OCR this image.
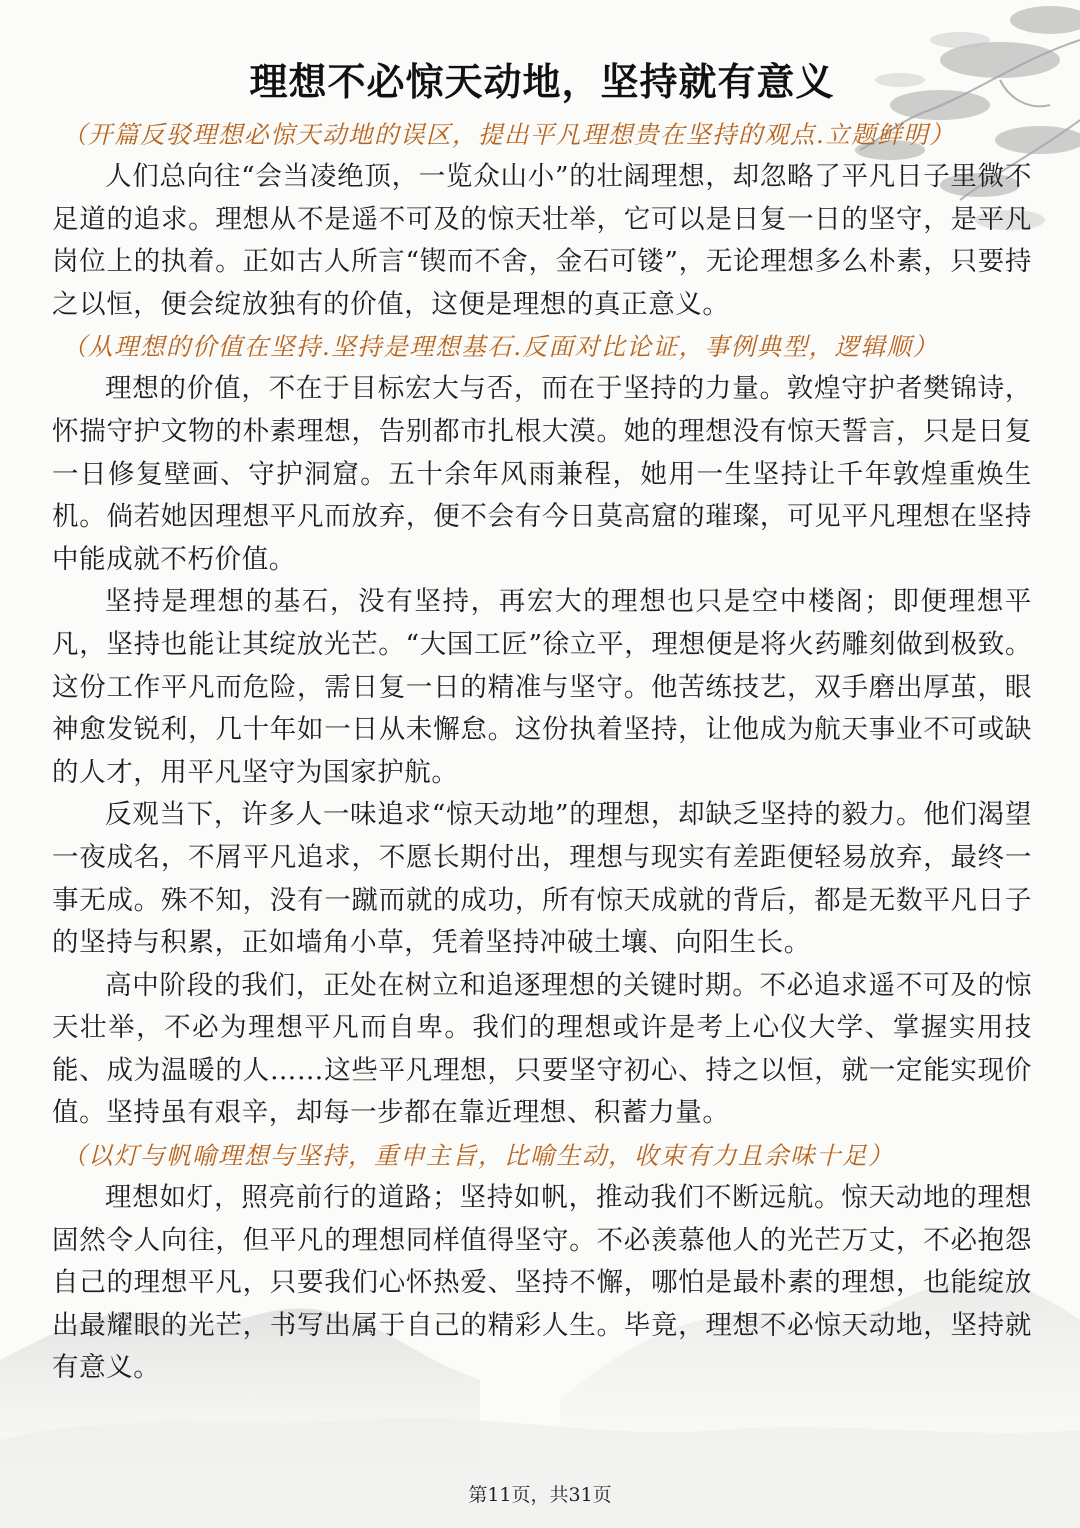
理想不必惊天动地，坚持就有意义

（开篇反驳理想必惊天动地的误区，提出平凡理想贵在坚持的观点.立题鲜明）

人们总向往“会当凌绝顶，一览众山小”的壮阔理想，却忽略了平凡日子里微不足道的追求。理想从不是遥不可及的惊天壮举，它可以是日复一日的坚守，是平凡岗位上的执着。正如古人所言“锲而不舍，金石可镂”，无论理想多么朴素，只要持之以恒，便会绽放独有的价值，这便是理想的真正意义。

（从理想的价值在坚持.坚持是理想基石.反面对比论证，事例典型，逻辑顺）

理想的价值，不在于目标宏大与否，而在于坚持的力量。敦煌守护者樊锦诗，怀揣守护文物的朴素理想，告别都市扎根大漠。她的理想没有惊天誓言，只是日复一日修复壁画、守护洞窟。五十余年风雨兼程，她用一生坚持让千年敦煌重焕生机。倘若她因理想平凡而放弃，便不会有今日莫高窟的璀璨，可见平凡理想在坚持中能成就不朽价值。

坚持是理想的基石，没有坚持，再宏大的理想也只是空中楼阁；即便理想平凡，坚持也能让其绽放光芒。“大国工匠”徐立平，理想便是将火药雕刻做到极致。这份工作平凡而危险，需日复一日的精准与坚守。他苦练技艺，双手磨出厚茧，眼神愈发锐利，几十年如一日从未懈怠。这份执着坚持，让他成为航天事业不可或缺的人才，用平凡坚守为国家护航。

反观当下，许多人一味追求“惊天动地”的理想，却缺乏坚持的毅力。他们渴望一夜成名，不屑平凡追求，不愿长期付出，理想与现实有差距便轻易放弃，最终一事无成。殊不知，没有一蹴而就的成功，所有惊天成就的背后，都是无数平凡日子的坚持与积累，正如墙角小草，凭着坚持冲破土壤、向阳生长。

高中阶段的我们，正处在树立和追逐理想的关键时期。不必追求遥不可及的惊天壮举，不必为理想平凡而自卑。我们的理想或许是考上心仪大学、掌握实用技能、成为温暖的人……这些平凡理想，只要坚守初心、持之以恒，就一定能实现价值。坚持虽有艰辛，却每一步都在靠近理想、积蓄力量。

（以灯与帆喻理想与坚持，重申主旨，比喻生动，收束有力且余味十足）

理想如灯，照亮前行的道路；坚持如帆，推动我们不断远航。惊天动地的理想固然令人向往，但平凡的理想同样值得坚守。不必羡慕他人的光芒万丈，不必抱怨自己的理想平凡，只要我们心怀热爱、坚持不懈，哪怕是最朴素的理想，也能绽放出最耀眼的光芒，书写出属于自己的精彩人生。毕竟，理想不必惊天动地，坚持就有意义。

第11页，共31页
